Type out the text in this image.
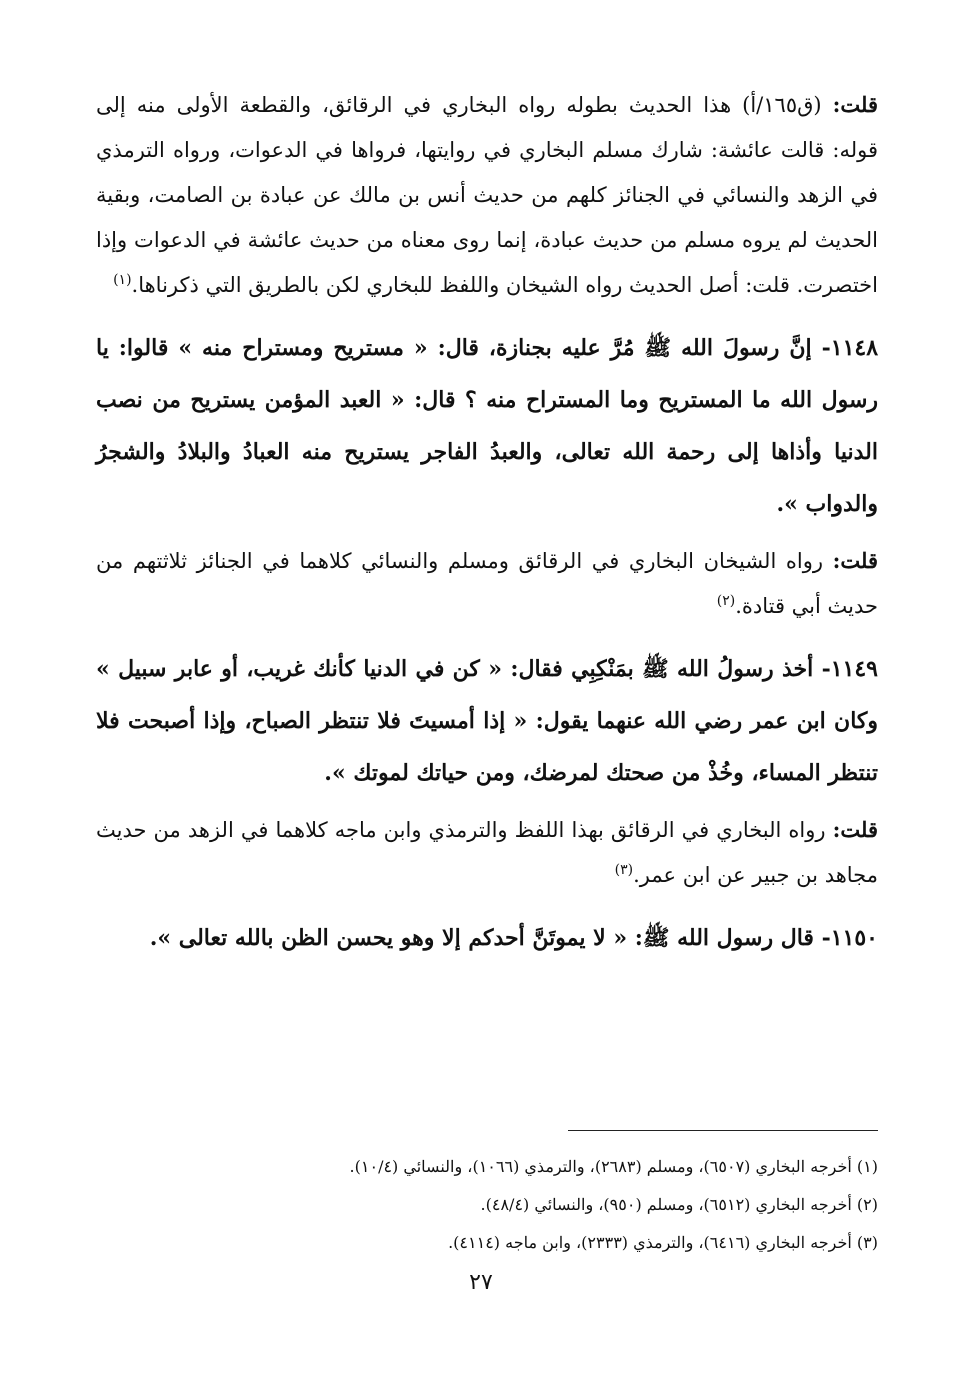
قلت: (ق١٦٥/أ) هذا الحديث بطوله رواه البخاري في الرقائق، والقطعة الأولى منه إلى قوله: قالت عائشة: شارك مسلم البخاري في روايتها، فرواها في الدعوات، ورواه الترمذي في الزهد والنسائي في الجنائز كلهم من حديث أنس بن مالك عن عبادة بن الصامت، وبقية الحديث لم يروه مسلم من حديث عبادة، إنما روى معناه من حديث عائشة في الدعوات وإذا اختصرت. قلت: أصل الحديث رواه الشيخان واللفظ للبخاري لكن بالطريق التي ذكرناها.$^{(١)}$

١١٤٨- إنَّ رسولَ الله ﷺ مُرَّ عليه بجنازة، قال: « مستريح ومستراح منه » قالوا: يا رسول الله ما المستريح وما المستراح منه ؟ قال: « العبد المؤمن يستريح من نصب الدنيا وأذاها إلى رحمة الله تعالى، والعبدُ الفاجر يستريح منه العبادُ والبلادُ والشجرُ والدواب ».

قلت: رواه الشيخان البخاري في الرقائق ومسلم والنسائي كلاهما في الجنائز ثلاثتهم من حديث أبي قتادة.$^{(٢)}$

١١٤٩- أخذ رسولُ الله ﷺ بمَنْكِبِي فقال: « كن في الدنيا كأنك غريب، أو عابر سبيل » وكان ابن عمر رضي الله عنهما يقول: « إذا أمسيتَ فلا تنتظر الصباح، وإذا أصبحت فلا تنتظر المساء، وخُذْ من صحتك لمرضك، ومن حياتك لموتك ».

قلت: رواه البخاري في الرقائق بهذا اللفظ والترمذي وابن ماجه كلاهما في الزهد من حديث مجاهد بن جبير عن ابن عمر.$^{(٣)}$

١١٥٠- قال رسول الله ﷺ: « لا يموتَنَّ أحدكم إلا وهو يحسن الظن بالله تعالى ».

(١) أخرجه البخاري (٦٥٠٧)، ومسلم (٢٦٨٣)، والترمذي (١٠٦٦)، والنسائي (١٠/٤).

(٢) أخرجه البخاري (٦٥١٢)، ومسلم (٩٥٠)، والنسائي (٤٨/٤).

(٣) أخرجه البخاري (٦٤١٦)، والترمذي (٢٣٣٣)، وابن ماجه (٤١١٤).

٢٧
